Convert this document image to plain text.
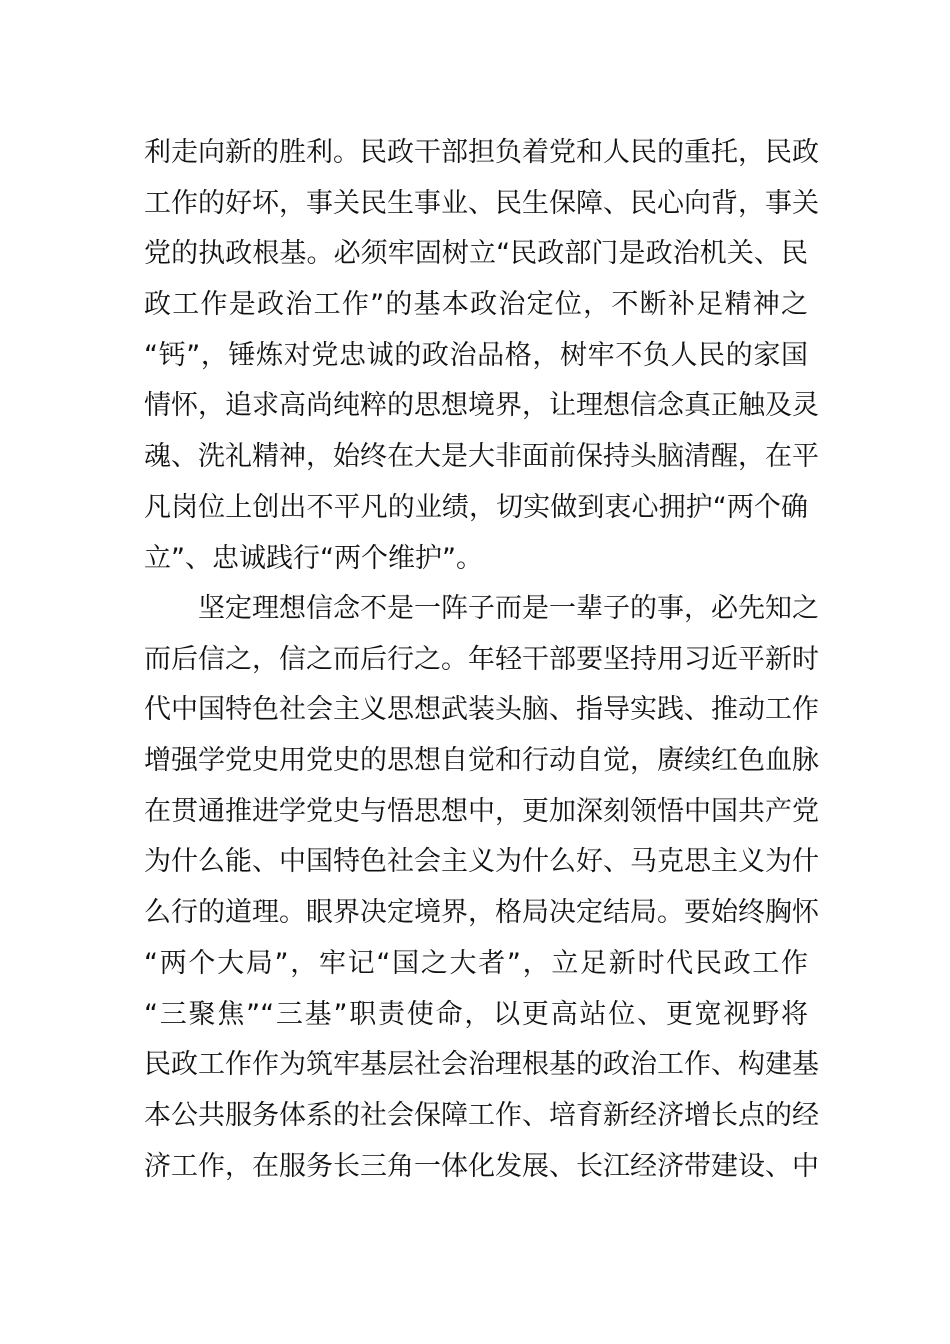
利走向新的胜利。民政干部担负着党和人民的重托，民政
工作的好坏，事关民生事业、民生保障、民心向背，事关
党的执政根基。必须牢固树立“民政部门是政治机关、民
政工作是政治工作”的基本政治定位，不断补足精神之
“钙”，锤炼对党忠诚的政治品格，树牢不负人民的家国
情怀，追求高尚纯粹的思想境界，让理想信念真正触及灵
魂、洗礼精神，始终在大是大非面前保持头脑清醒，在平
凡岗位上创出不平凡的业绩，切实做到衷心拥护“两个确
立”、忠诚践行“两个维护”。
坚定理想信念不是一阵子而是一辈子的事，必先知之
而后信之，信之而后行之。年轻干部要坚持用习近平新时
代中国特色社会主义思想武装头脑、指导实践、推动工作
增强学党史用党史的思想自觉和行动自觉，赓续红色血脉
在贯通推进学党史与悟思想中，更加深刻领悟中国共产党
为什么能、中国特色社会主义为什么好、马克思主义为什
么行的道理。眼界决定境界，格局决定结局。要始终胸怀
“两个大局”，牢记“国之大者”，立足新时代民政工作
“三聚焦”“三基”职责使命，以更高站位、更宽视野将
民政工作作为筑牢基层社会治理根基的政治工作、构建基
本公共服务体系的社会保障工作、培育新经济增长点的经
济工作，在服务长三角一体化发展、长江经济带建设、中
